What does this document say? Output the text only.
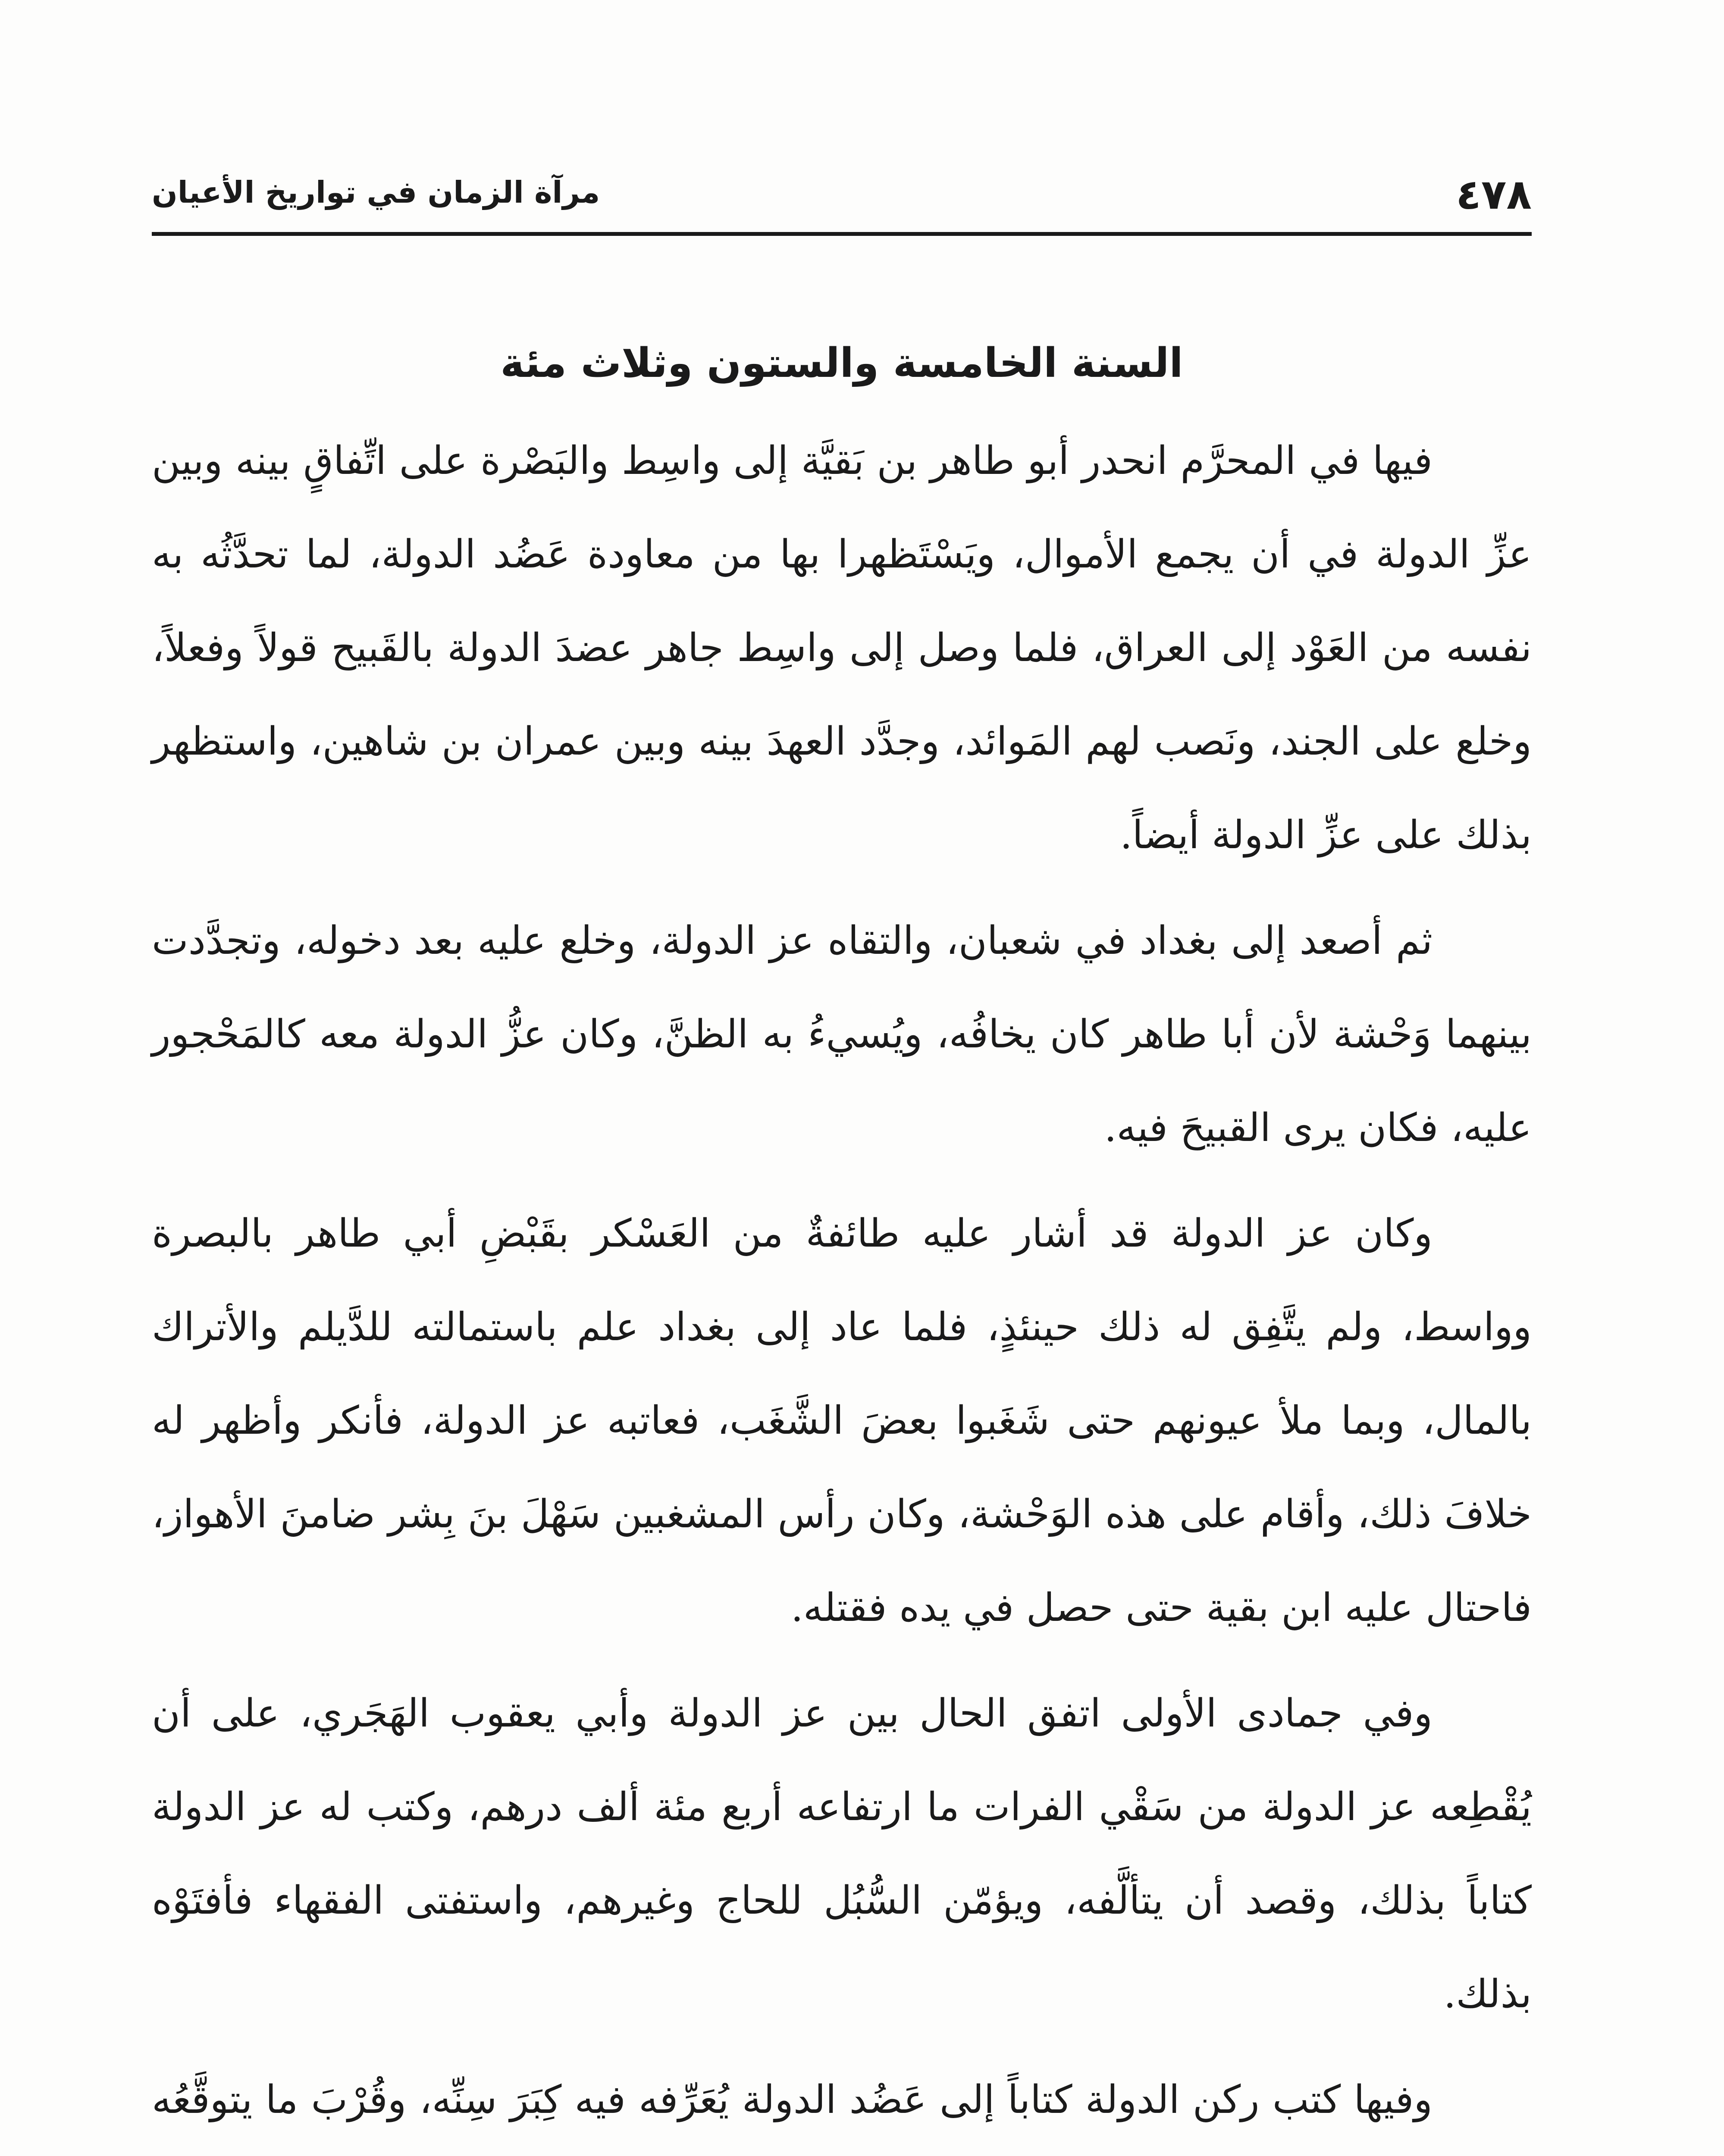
٤٧٨
مرآة الزمان في تواريخ الأعيان
السنة الخامسة والستون وثلاث مئة

فيها في المحرَّم انحدر أبو طاهر بن بَقيَّة إلى واسِط والبَصْرة على اتِّفاقٍ بينه وبين عزِّ الدولة في أن يجمع الأموال، ويَسْتَظهرا بها من معاودة عَضُد الدولة، لما تحدَّثُه به نفسه من العَوْد إلى العراق، فلما وصل إلى واسِط جاهر عضدَ الدولة بالقَبيح قولاً وفعلاً، وخلع على الجند، ونَصب لهم المَوائد، وجدَّد العهدَ بينه وبين عمران بن شاهين، واستظهر بذلك على عزِّ الدولة أيضاً.

ثم أصعد إلى بغداد في شعبان، والتقاه عز الدولة، وخلع عليه بعد دخوله، وتجدَّدت بينهما وَحْشة لأن أبا طاهر كان يخافُه، ويُسيءُ به الظنَّ، وكان عزُّ الدولة معه كالمَحْجور عليه، فكان يرى القبيحَ فيه.

وكان عز الدولة قد أشار عليه طائفةٌ من العَسْكر بقَبْضِ أبي طاهر بالبصرة وواسط، ولم يتَّفِق له ذلك حينئذٍ، فلما عاد إلى بغداد علم باستمالته للدَّيلم والأتراك بالمال، وبما ملأ عيونهم حتى شَغَبوا بعضَ الشَّغَب، فعاتبه عز الدولة، فأنكر وأظهر له خلافَ ذلك، وأقام على هذه الوَحْشة، وكان رأس المشغبين سَهْلَ بنَ بِشر ضامنَ الأهواز، فاحتال عليه ابن بقية حتى حصل في يده فقتله.

وفي جمادى الأولى اتفق الحال بين عز الدولة وأبي يعقوب الهَجَري، على أن يُقْطِعه عز الدولة من سَقْي الفرات ما ارتفاعه أربع مئة ألف درهم، وكتب له عز الدولة كتاباً بذلك، وقصد أن يتألَّفه، ويؤمّن السُّبُل للحاج وغيرهم، واستفتى الفقهاء فأفتَوْه بذلك.

وفيها كتب ركن الدولة كتاباً إلى عَضُد الدولة يُعَرِّفه فيه كِبَرَ سِنِّه، وقُرْبَ ما يتوقَّعُه
